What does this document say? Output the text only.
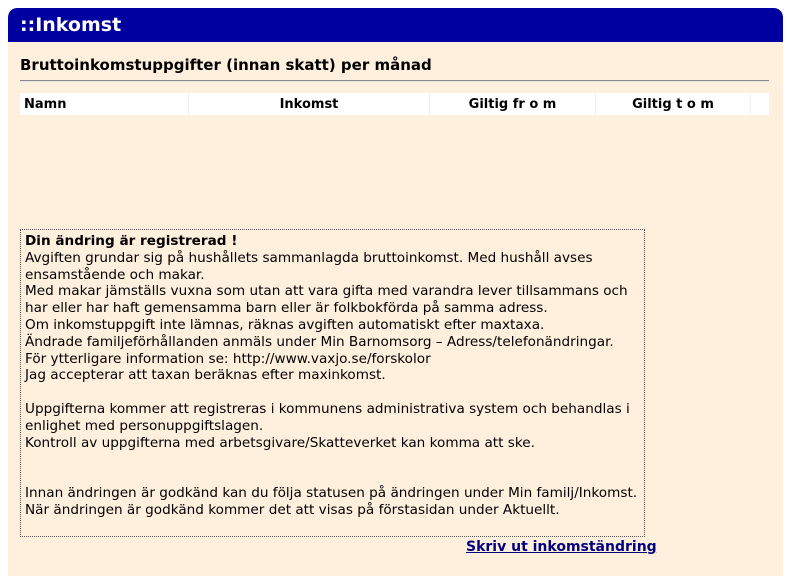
::Inkomst
Bruttoinkomstuppgifter (innan skatt) per månad
Namn	Inkomst	Giltig fr o m	Giltig t o m

Din ändring är registrerad !

Avgiften grundar sig på hushållets sammanlagda bruttoinkomst. Med hushåll avses ensamstående och makar.

Med makar jämställs vuxna som utan att vara gifta med varandra lever tillsammans och har eller har haft gemensamma barn eller är folkbokförda på samma adress.

Om inkomstuppgift inte lämnas, räknas avgiften automatiskt efter maxtaxa.

Ändrade familjeförhållanden anmäls under Min Barnomsorg – Adress/telefonändringar.

För ytterligare information se: http://www.vaxjo.se/forskolor

Jag accepterar att taxan beräknas efter maxinkomst.

Uppgifterna kommer att registreras i kommunens administrativa system och behandlas i enlighet med personuppgiftslagen.

Kontroll av uppgifterna med arbetsgivare/Skatteverket kan komma att ske.

Innan ändringen är godkänd kan du följa statusen på ändringen under Min familj/Inkomst. När ändringen är godkänd kommer det att visas på förstasidan under Aktuellt.

Skriv ut inkomständring
